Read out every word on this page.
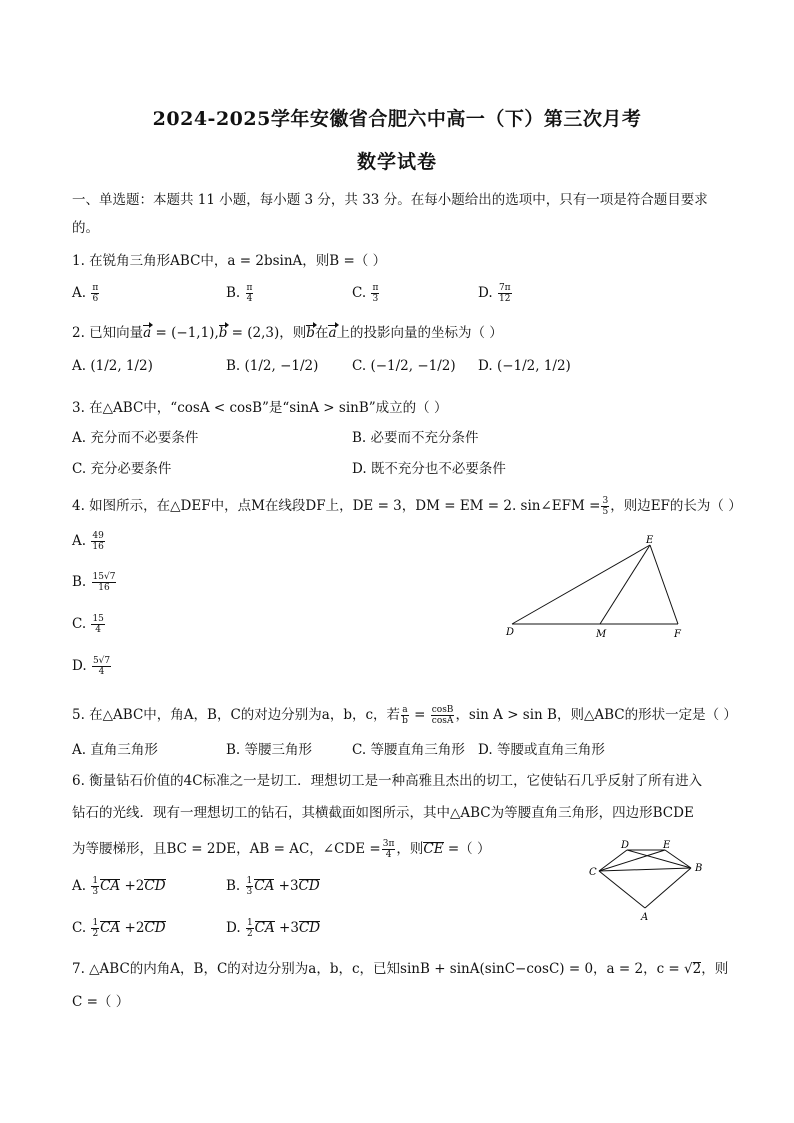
2024-2025学年安徽省合肥六中高一（下）第三次月考
数学试卷
一、单选题：本题共 11 小题，每小题 3 分，共 33 分。在每小题给出的选项中，只有一项是符合题目要求
的。
1. 在锐角三角形ABC中，a = 2bsinA，则B =（ ）
A. $\frac{\pi}{6}$	B. $\frac{\pi}{4}$	C. $\frac{\pi}{3}$	D. $\frac{7\pi}{12}$
2. 已知向量a = (−1,1),b = (2,3)，则b在a上的投影向量的坐标为（ ）
A. (1/2, 1/2)	B. (1/2, −1/2) C. (−1/2, −1/2) D. (−1/2, 1/2)
3. 在△ABC中，“cosA < cosB”是“sinA > sinB”成立的（ ）
A. 充分而不必要条件	B. 必要而不充分条件
C. 充分必要条件	D. 既不充分也不必要条件
4. 如图所示，在△DEF中，点M在线段DF上，DE = 3，DM = EM = 2. sin∠EFM = $\frac{3}{5}$ ，则边EF的长为（ ）
A. $\frac{49}{16}$
B. $\frac{15√7}{16}$
C. $\frac{15}{4}$
D. $\frac{5√7}{4}$
D	M	F
E
5. 在△ABC中，角A，B，C的对边分别为a，b，c，若 $\frac{a}{b} = \frac{\cos B}{\cos A}$ ，sin A > sin B，则△ABC的形状一定是（ ）
A. 直角三角形	B. 等腰三角形	C. 等腰直角三角形 D. 等腰或直角三角形
6. 衡量钻石价值的4C标准之一是切工．理想切工是一种高雅且杰出的切工，它使钻石几乎反射了所有进入
钻石的光线．现有一理想切工的钻石，其横截面如图所示，其中△ABC为等腰直角三角形，四边形BCDE
为等腰梯形，且BC = 2DE，AB = AC，∠CDE = $\frac{3\pi}{4}$ ，则CE =（ ）
A. $\frac{1}{3}$ CA +2CD	B. $\frac{1}{3}$ CA +3CD
C. $\frac{1}{2}$ CA +2CD	D. $\frac{1}{2}$ CA +3CD
D	E
C	B
A
7. △ABC的内角A，B，C的对边分别为a，b，c，已知sinB + sinA(sinC−cosC) = 0，a = 2，c = √2，则
C =（ ）
